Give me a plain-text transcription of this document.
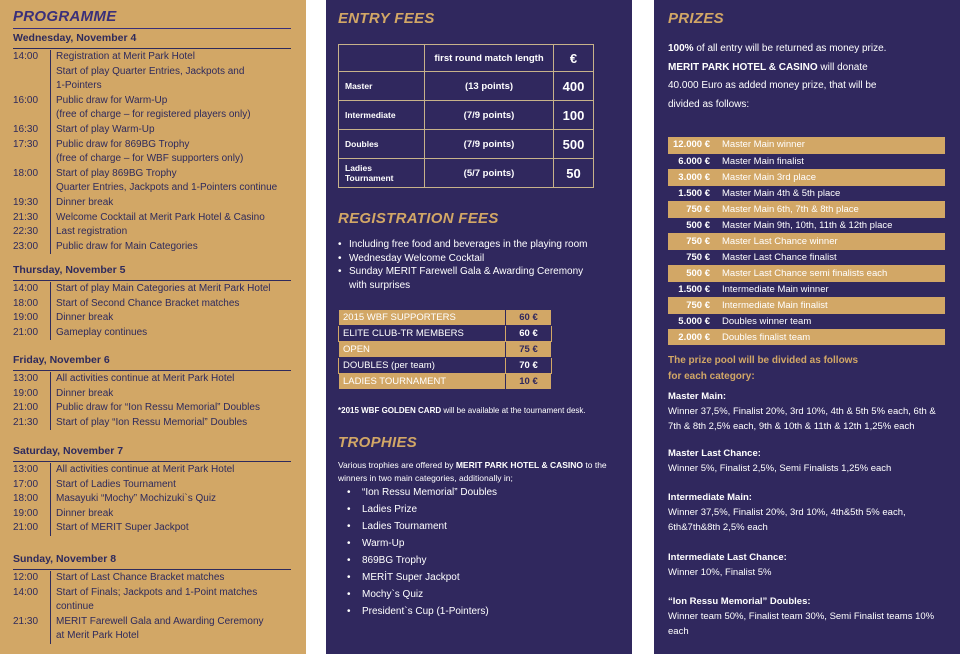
PROGRAMME
Wednesday, November 4
14:00	Registration at Merit Park Hotel
Start of play Quarter Entries, Jackpots and
1-Pointers
16:00	Public draw for Warm-Up
(free of charge – for registered players only)
16:30	Start of play Warm-Up
17:30	Public draw for 869BG Trophy
(free of charge – for WBF supporters only)
18:00	Start of play 869BG Trophy
Quarter Entries, Jackpots and 1-Pointers continue
19:30	Dinner break
21:30	Welcome Cocktail at Merit Park Hotel & Casino
22:30	Last registration
23:00	Public draw for Main Categories
Thursday, November 5
14:00	Start of play Main Categories at Merit Park Hotel
18:00	Start of Second Chance Bracket matches
19:00	Dinner break
21:00	Gameplay continues
Friday, November 6
13:00	All activities continue at Merit Park Hotel
19:00	Dinner break
21:00	Public draw for “Ion Ressu Memorial” Doubles
21:30	Start of play “Ion Ressu Memorial” Doubles
Saturday, November 7
13:00	All activities continue at Merit Park Hotel
17:00	Start of Ladies Tournament
18:00	Masayuki “Mochy” Mochizuki`s Quiz
19:00	Dinner break
21:00	Start of MERIT Super Jackpot
Sunday, November 8
12:00	Start of Last Chance Bracket matches
14:00	Start of Finals; Jackpots and 1-Point matches
continue
21:30	MERIT Farewell Gala and Awarding Ceremony
at Merit Park Hotel
ENTRY FEES
	first round match length	€
Master	(13 points)	400
Intermediate	(7/9 points)	100
Doubles	(7/9 points)	500
Ladies Tournament	(5/7 points)	50
REGISTRATION FEES
• Including free food and beverages in the playing room
• Wednesday Welcome Cocktail
• Sunday MERIT Farewell Gala & Awarding Ceremony
with surprises
2015 WBF SUPPORTERS	60 €
ELITE CLUB-TR MEMBERS	60 €
OPEN	75 €
DOUBLES (per team)	70 €
LADIES TOURNAMENT	10 €
*2015 WBF GOLDEN CARD will be available at the tournament desk.
TROPHIES
Various trophies are offered by MERIT PARK HOTEL & CASINO to the winners in two main categories, additionally in;
• “Ion Ressu Memorial” Doubles
• Ladies Prize
• Ladies Tournament
• Warm-Up
• 869BG Trophy
• MERİT Super Jackpot
• Mochy`s Quiz
• President`s Cup (1-Pointers)
PRIZES
100% of all entry will be returned as money prize.
MERIT PARK HOTEL & CASINO will donate
40.000 Euro as added money prize, that will be
divided as follows:
12.000 €	Master Main winner
6.000 €	Master Main finalist
3.000 €	Master Main 3rd place
1.500 €	Master Main 4th & 5th place
750 €	Master Main 6th, 7th & 8th place
500 €	Master Main 9th, 10th, 11th & 12th place
750 €	Master Last Chance winner
750 €	Master Last Chance finalist
500 €	Master Last Chance semi finalists each
1.500 €	Intermediate Main winner
750 €	Intermediate Main finalist
5.000 €	Doubles winner team
2.000 €	Doubles finalist team
The prize pool will be divided as follows
for each category:
Master Main:
Winner 37,5%, Finalist 20%, 3rd 10%, 4th & 5th 5% each, 6th & 7th & 8th 2,5% each, 9th & 10th & 11th & 12th 1,25% each
Master Last Chance:
Winner 5%, Finalist 2,5%, Semi Finalists 1,25% each
Intermediate Main:
Winner 37,5%, Finalist 20%, 3rd 10%, 4th&5th 5% each, 6th&7th&8th 2,5% each
Intermediate Last Chance:
Winner 10%, Finalist 5%
“Ion Ressu Memorial” Doubles:
Winner team 50%, Finalist team 30%, Semi Finalist teams 10% each
